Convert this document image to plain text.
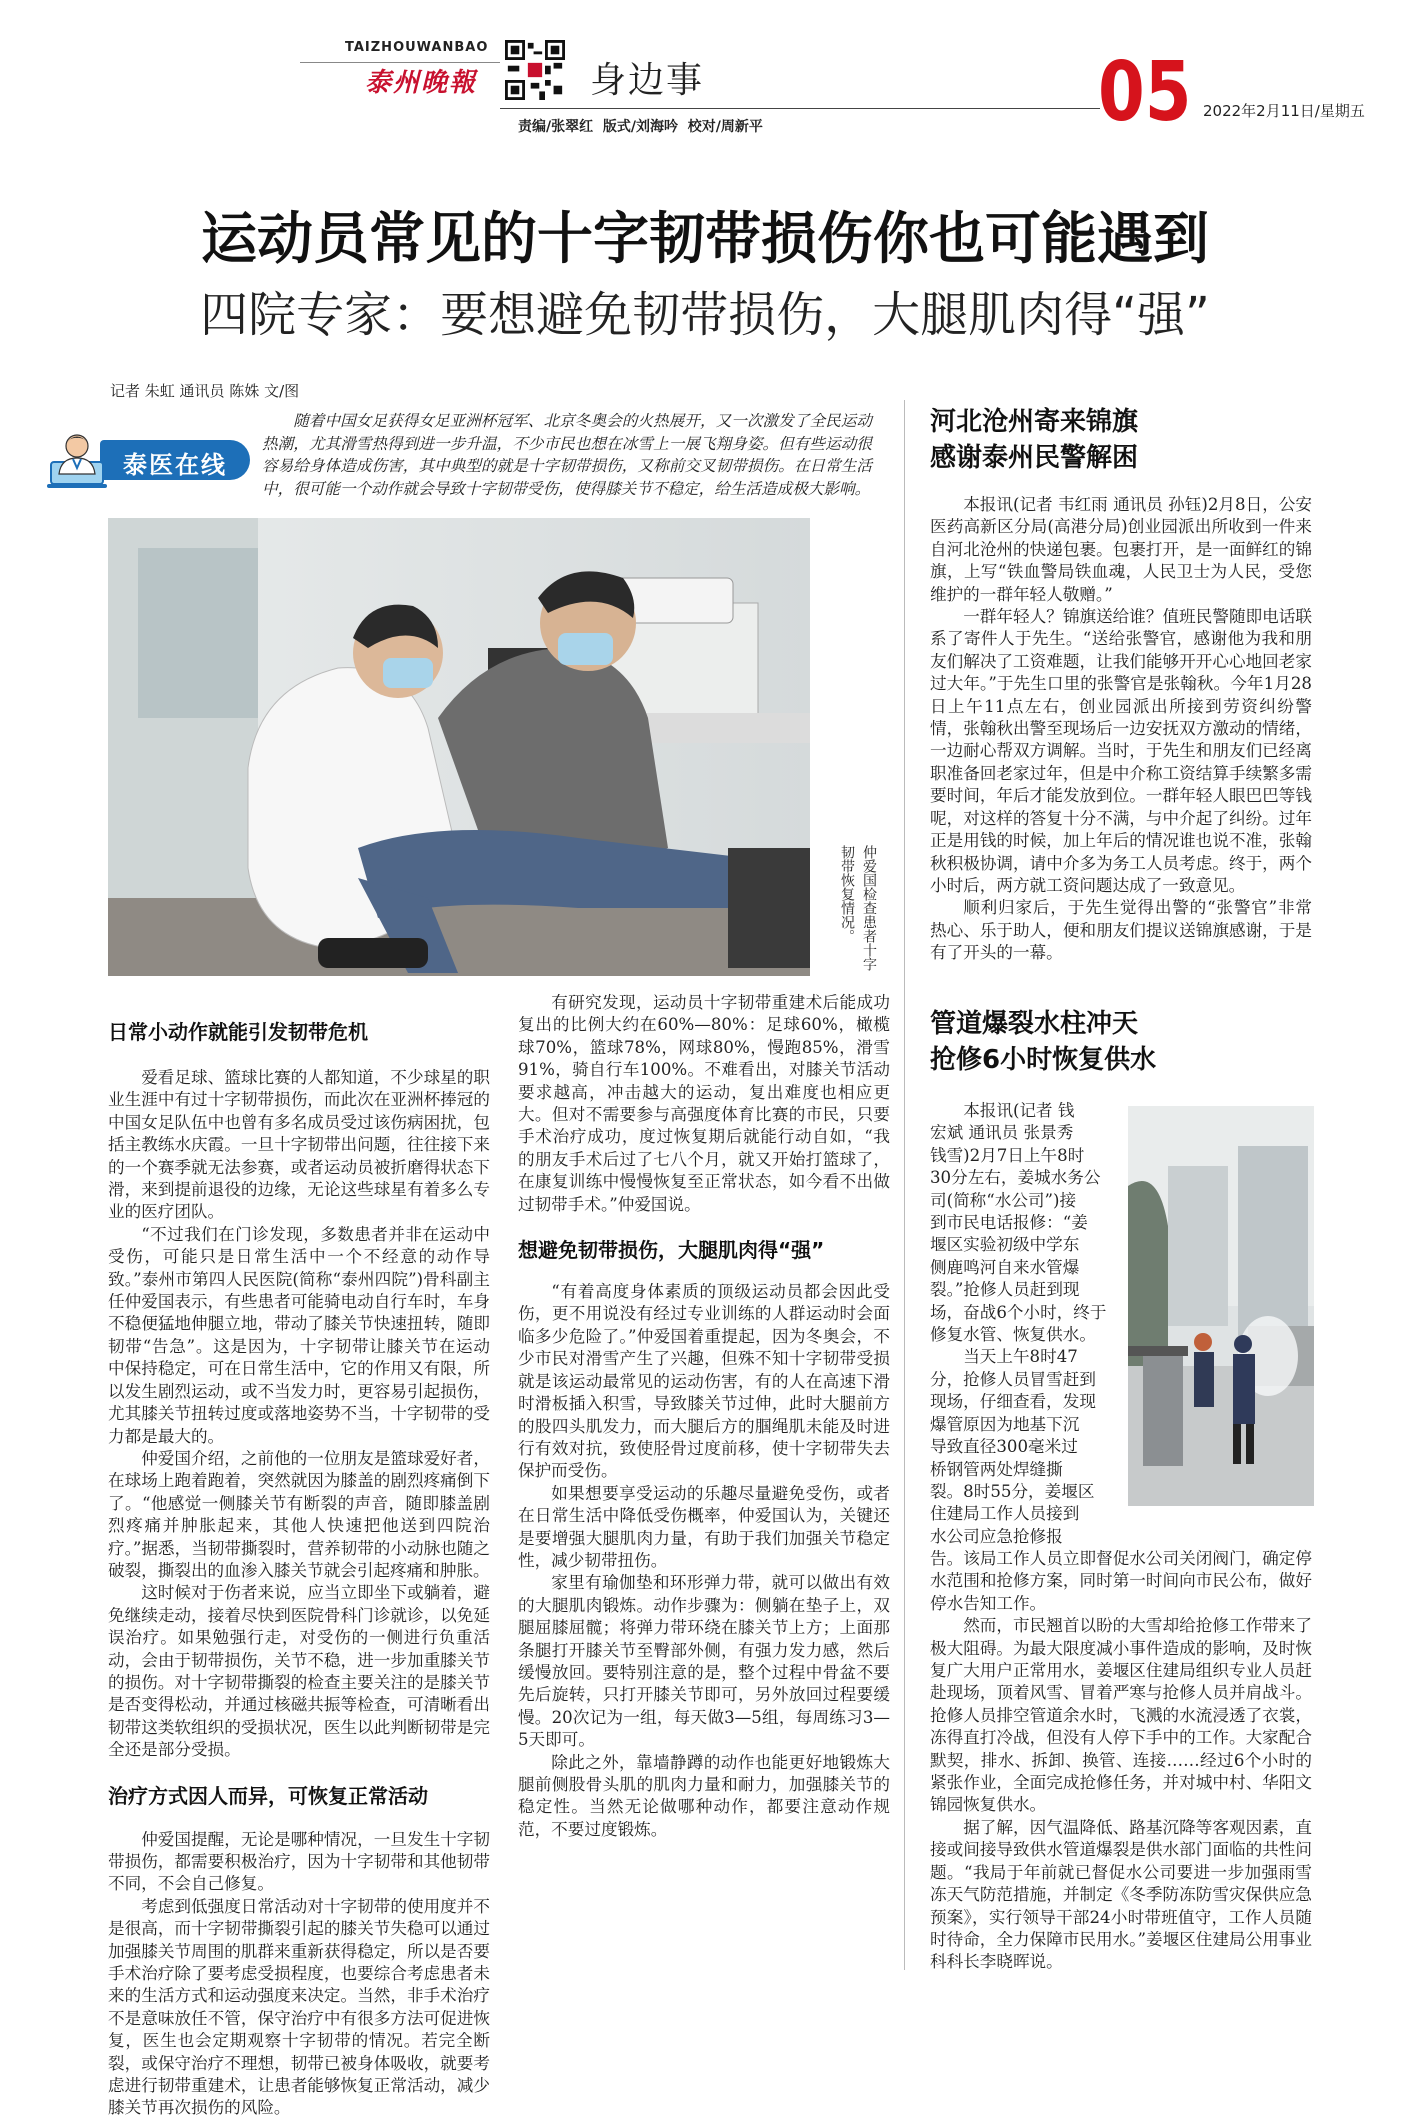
TAIZHOUWANBAO
泰州晚報	身边事
责编/张翠红  版式/刘海吟  校对/周新平	05 2022年2月11日/星期五
运动员常见的十字韧带损伤你也可能遇到
四院专家：要想避免韧带损伤，大腿肌肉得“强”
记者 朱虹 通讯员 陈姝 文/图
泰医在线

随着中国女足获得女足亚洲杯冠军、北京冬奥会的火热展开，又一次激发了全民运动热潮，尤其滑雪热得到进一步升温，不少市民也想在冰雪上一展飞翔身姿。但有些运动很容易给身体造成伤害，其中典型的就是十字韧带损伤，又称前交叉韧带损伤。在日常生活中，很可能一个动作就会导致十字韧带受伤，使得膝关节不稳定，给生活造成极大影响。

仲爱国检查患者十字韧带恢复情况。
日常小动作就能引发韧带危机

爱看足球、篮球比赛的人都知道，不少球星的职业生涯中有过十字韧带损伤，而此次在亚洲杯捧冠的中国女足队伍中也曾有多名成员受过该伤病困扰，包括主教练水庆霞。一旦十字韧带出问题，往往接下来的一个赛季就无法参赛，或者运动员被折磨得状态下滑，来到提前退役的边缘，无论这些球星有着多么专业的医疗团队。

“不过我们在门诊发现，多数患者并非在运动中受伤，可能只是日常生活中一个不经意的动作导致。”泰州市第四人民医院(简称“泰州四院”)骨科副主任仲爱国表示，有些患者可能骑电动自行车时，车身不稳便猛地伸腿立地，带动了膝关节快速扭转，随即韧带“告急”。这是因为，十字韧带让膝关节在运动中保持稳定，可在日常生活中，它的作用又有限，所以发生剧烈运动，或不当发力时，更容易引起损伤，尤其膝关节扭转过度或落地姿势不当，十字韧带的受力都是最大的。

仲爱国介绍，之前他的一位朋友是篮球爱好者，在球场上跑着跑着，突然就因为膝盖的剧烈疼痛倒下了。“他感觉一侧膝关节有断裂的声音，随即膝盖剧烈疼痛并肿胀起来，其他人快速把他送到四院治疗。”据悉，当韧带撕裂时，营养韧带的小动脉也随之破裂，撕裂出的血渗入膝关节就会引起疼痛和肿胀。

这时候对于伤者来说，应当立即坐下或躺着，避免继续走动，接着尽快到医院骨科门诊就诊，以免延误治疗。如果勉强行走，对受伤的一侧进行负重活动，会由于韧带损伤，关节不稳，进一步加重膝关节的损伤。对十字韧带撕裂的检查主要关注的是膝关节是否变得松动，并通过核磁共振等检查，可清晰看出韧带这类软组织的受损状况，医生以此判断韧带是完全还是部分受损。

治疗方式因人而异，可恢复正常活动

仲爱国提醒，无论是哪种情况，一旦发生十字韧带损伤，都需要积极治疗，因为十字韧带和其他韧带不同，不会自己修复。

考虑到低强度日常活动对十字韧带的使用度并不是很高，而十字韧带撕裂引起的膝关节失稳可以通过加强膝关节周围的肌群来重新获得稳定，所以是否要手术治疗除了要考虑受损程度，也要综合考虑患者未来的生活方式和运动强度来决定。当然，非手术治疗不是意味放任不管，保守治疗中有很多方法可促进恢复，医生也会定期观察十字韧带的情况。若完全断裂，或保守治疗不理想，韧带已被身体吸收，就要考虑进行韧带重建术，让患者能够恢复正常活动，减少膝关节再次损伤的风险。

有研究发现，运动员十字韧带重建术后能成功复出的比例大约在60%—80%：足球60%，橄榄球70%，篮球78%，网球80%，慢跑85%，滑雪91%，骑自行车100%。不难看出，对膝关节活动要求越高，冲击越大的运动，复出难度也相应更大。但对不需要参与高强度体育比赛的市民，只要手术治疗成功，度过恢复期后就能行动自如，“我的朋友手术后过了七八个月，就又开始打篮球了，在康复训练中慢慢恢复至正常状态，如今看不出做过韧带手术。”仲爱国说。

想避免韧带损伤，大腿肌肉得“强”

“有着高度身体素质的顶级运动员都会因此受伤，更不用说没有经过专业训练的人群运动时会面临多少危险了。”仲爱国着重提起，因为冬奥会，不少市民对滑雪产生了兴趣，但殊不知十字韧带受损就是该运动最常见的运动伤害，有的人在高速下滑时滑板插入积雪，导致膝关节过伸，此时大腿前方的股四头肌发力，而大腿后方的腘绳肌未能及时进行有效对抗，致使胫骨过度前移，使十字韧带失去保护而受伤。

如果想要享受运动的乐趣尽量避免受伤，或者在日常生活中降低受伤概率，仲爱国认为，关键还是要增强大腿肌肉力量，有助于我们加强关节稳定性，减少韧带扭伤。

家里有瑜伽垫和环形弹力带，就可以做出有效的大腿肌肉锻炼。动作步骤为：侧躺在垫子上，双腿屈膝屈髋；将弹力带环绕在膝关节上方；上面那条腿打开膝关节至臀部外侧，有强力发力感，然后缓慢放回。要特别注意的是，整个过程中骨盆不要先后旋转，只打开膝关节即可，另外放回过程要缓慢。20次记为一组，每天做3—5组，每周练习3—5天即可。

除此之外，靠墙静蹲的动作也能更好地锻炼大腿前侧股骨头肌的肌肉力量和耐力，加强膝关节的稳定性。当然无论做哪种动作，都要注意动作规范，不要过度锻炼。

河北沧州寄来锦旗
感谢泰州民警解困

本报讯(记者 韦红雨 通讯员 孙钰)2月8日，公安医药高新区分局(高港分局)创业园派出所收到一件来自河北沧州的快递包裹。包裹打开，是一面鲜红的锦旗，上写“铁血警局铁血魂，人民卫士为人民，受您维护的一群年轻人敬赠。”

一群年轻人？锦旗送给谁？值班民警随即电话联系了寄件人于先生。“送给张警官，感谢他为我和朋友们解决了工资难题，让我们能够开开心心地回老家过大年。”于先生口里的张警官是张翰秋。今年1月28日上午11点左右，创业园派出所接到劳资纠纷警情，张翰秋出警至现场后一边安抚双方激动的情绪，一边耐心帮双方调解。当时，于先生和朋友们已经离职准备回老家过年，但是中介称工资结算手续繁多需要时间，年后才能发放到位。一群年轻人眼巴巴等钱呢，对这样的答复十分不满，与中介起了纠纷。过年正是用钱的时候，加上年后的情况谁也说不准，张翰秋积极协调，请中介多为务工人员考虑。终于，两个小时后，两方就工资问题达成了一致意见。

顺利归家后，于先生觉得出警的“张警官”非常热心、乐于助人，便和朋友们提议送锦旗感谢，于是有了开头的一幕。

管道爆裂水柱冲天
抢修6小时恢复供水
本报讯(记者 钱
宏斌 通讯员 张景秀
钱雪)2月7日上午8时
30分左右，姜城水务公
司(简称“水公司”)接
到市民电话报修：“姜
堰区实验初级中学东
侧鹿鸣河自来水管爆
裂。”抢修人员赶到现
场，奋战6个小时，终于
修复水管、恢复供水。
当天上午8时47
分，抢修人员冒雪赶到
现场，仔细查看，发现
爆管原因为地基下沉
导致直径300毫米过
桥钢管两处焊缝撕
裂。8时55分，姜堰区
住建局工作人员接到
水公司应急抢修报

告。该局工作人员立即督促水公司关闭阀门，确定停水范围和抢修方案，同时第一时间向市民公布，做好停水告知工作。

然而，市民翘首以盼的大雪却给抢修工作带来了极大阻碍。为最大限度减小事件造成的影响，及时恢复广大用户正常用水，姜堰区住建局组织专业人员赶赴现场，顶着风雪、冒着严寒与抢修人员并肩战斗。抢修人员排空管道余水时，飞溅的水流浸透了衣裳，冻得直打冷战，但没有人停下手中的工作。大家配合默契，排水、拆卸、换管、连接……经过6个小时的紧张作业，全面完成抢修任务，并对城中村、华阳文锦园恢复供水。

据了解，因气温降低、路基沉降等客观因素，直接或间接导致供水管道爆裂是供水部门面临的共性问题。“我局于年前就已督促水公司要进一步加强雨雪冻天气防范措施，并制定《冬季防冻防雪灾保供应急预案》，实行领导干部24小时带班值守，工作人员随时待命，全力保障市民用水。”姜堰区住建局公用事业科科长李晓晖说。
